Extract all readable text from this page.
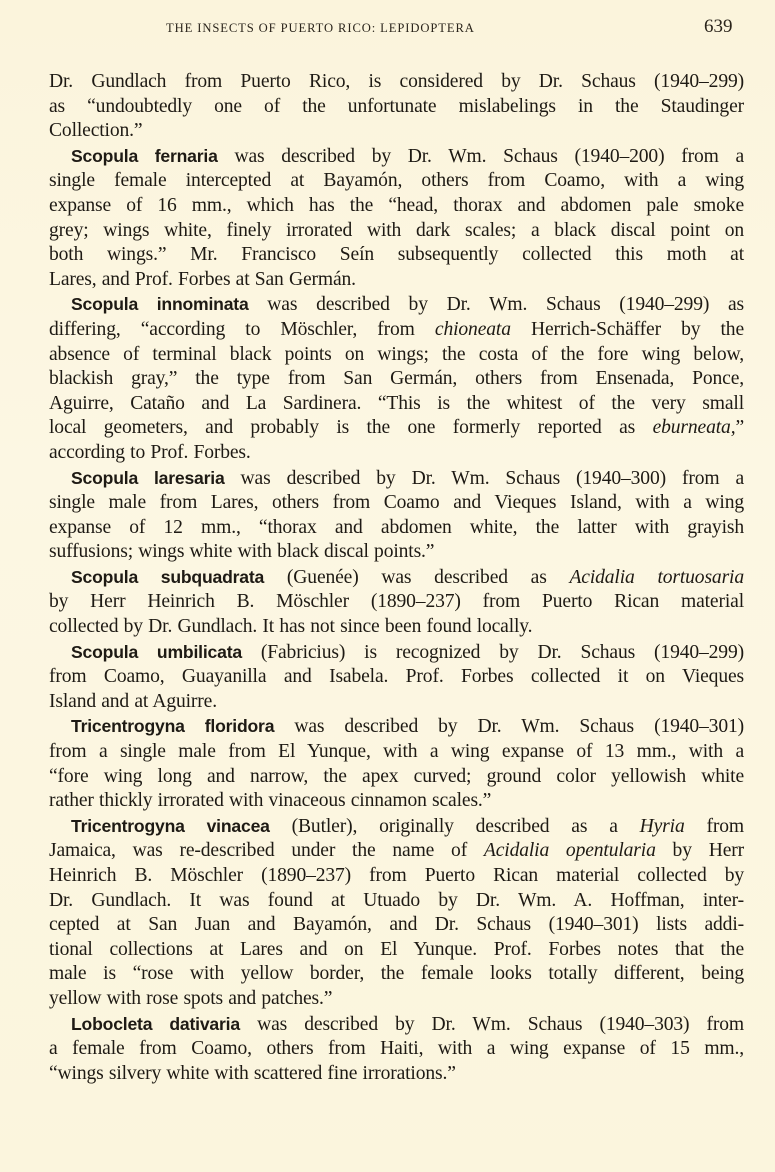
THE INSECTS OF PUERTO RICO: LEPIDOPTERA	639
Dr. Gundlach from Puerto Rico, is considered by Dr. Schaus (1940–299)
as “undoubtedly one of the unfortunate mislabelings in the Staudinger
Collection.”
Scopula fernaria was described by Dr. Wm. Schaus (1940–200) from a
single female intercepted at Bayamón, others from Coamo, with a wing
expanse of 16 mm., which has the “head, thorax and abdomen pale smoke
grey; wings white, finely irrorated with dark scales; a black discal point on
both wings.” Mr. Francisco Seín subsequently collected this moth at
Lares, and Prof. Forbes at San Germán.
Scopula innominata was described by Dr. Wm. Schaus (1940–299) as
differing, “according to Möschler, from chioneata Herrich-Schäffer by the
absence of terminal black points on wings; the costa of the fore wing below,
blackish gray,” the type from San Germán, others from Ensenada, Ponce,
Aguirre, Cataño and La Sardinera. “This is the whitest of the very small
local geometers, and probably is the one formerly reported as eburneata,”
according to Prof. Forbes.
Scopula laresaria was described by Dr. Wm. Schaus (1940–300) from a
single male from Lares, others from Coamo and Vieques Island, with a wing
expanse of 12 mm., “thorax and abdomen white, the latter with grayish
suffusions; wings white with black discal points.”
Scopula subquadrata (Guenée) was described as Acidalia tortuosaria
by Herr Heinrich B. Möschler (1890–237) from Puerto Rican material
collected by Dr. Gundlach. It has not since been found locally.
Scopula umbilicata (Fabricius) is recognized by Dr. Schaus (1940–299)
from Coamo, Guayanilla and Isabela. Prof. Forbes collected it on Vieques
Island and at Aguirre.
Tricentrogyna floridora was described by Dr. Wm. Schaus (1940–301)
from a single male from El Yunque, with a wing expanse of 13 mm., with a
“fore wing long and narrow, the apex curved; ground color yellowish white
rather thickly irrorated with vinaceous cinnamon scales.”
Tricentrogyna vinacea (Butler), originally described as a Hyria from
Jamaica, was re-described under the name of Acidalia opentularia by Herr
Heinrich B. Möschler (1890–237) from Puerto Rican material collected by
Dr. Gundlach. It was found at Utuado by Dr. Wm. A. Hoffman, inter-
cepted at San Juan and Bayamón, and Dr. Schaus (1940–301) lists addi-
tional collections at Lares and on El Yunque. Prof. Forbes notes that the
male is “rose with yellow border, the female looks totally different, being
yellow with rose spots and patches.”
Lobocleta dativaria was described by Dr. Wm. Schaus (1940–303) from
a female from Coamo, others from Haiti, with a wing expanse of 15 mm.,
“wings silvery white with scattered fine irrorations.”
